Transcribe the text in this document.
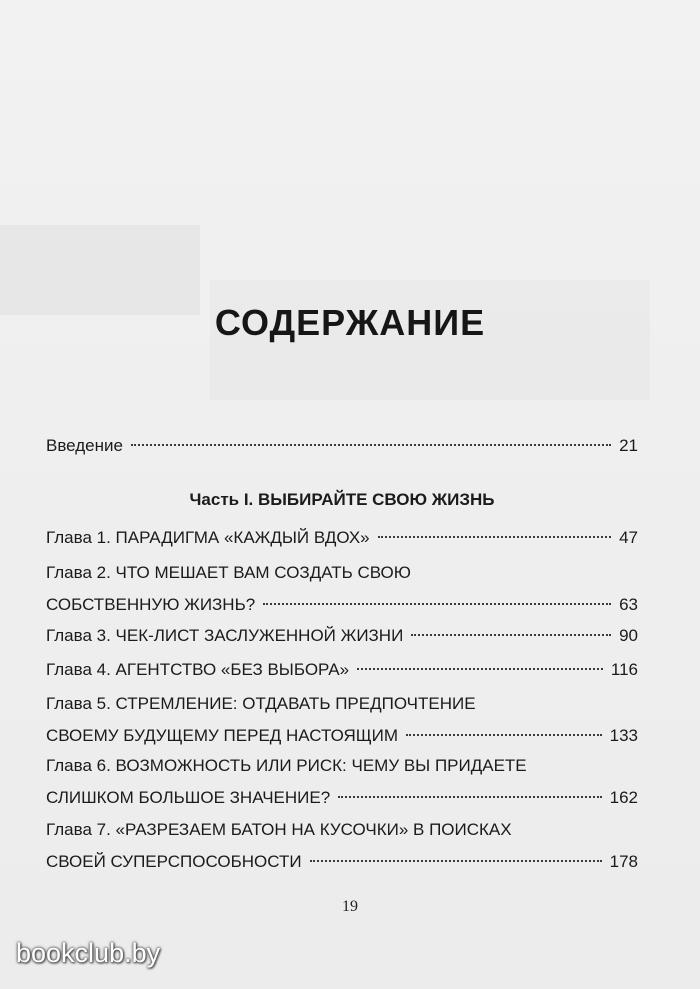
СОДЕРЖАНИЕ
Введение	21
Часть I. ВЫБИРАЙТЕ СВОЮ ЖИЗНЬ
Глава 1. ПАРАДИГМА «КАЖДЫЙ ВДОХ»	47
Глава 2. ЧТО МЕШАЕТ ВАМ СОЗДАТЬ СВОЮ
СОБСТВЕННУЮ ЖИЗНЬ?	63
Глава 3. ЧЕК-ЛИСТ ЗАСЛУЖЕННОЙ ЖИЗНИ	90
Глава 4. АГЕНТСТВО «БЕЗ ВЫБОРА»	116
Глава 5. СТРЕМЛЕНИЕ: ОТДАВАТЬ ПРЕДПОЧТЕНИЕ
СВОЕМУ БУДУЩЕМУ ПЕРЕД НАСТОЯЩИМ	133
Глава 6. ВОЗМОЖНОСТЬ ИЛИ РИСК: ЧЕМУ ВЫ ПРИДАЕТЕ
СЛИШКОМ БОЛЬШОЕ ЗНАЧЕНИЕ?	162
Глава 7. «РАЗРЕЗАЕМ БАТОН НА КУСОЧКИ» В ПОИСКАХ
СВОЕЙ СУПЕРСПОСОБНОСТИ	178
19
bookclub.by
